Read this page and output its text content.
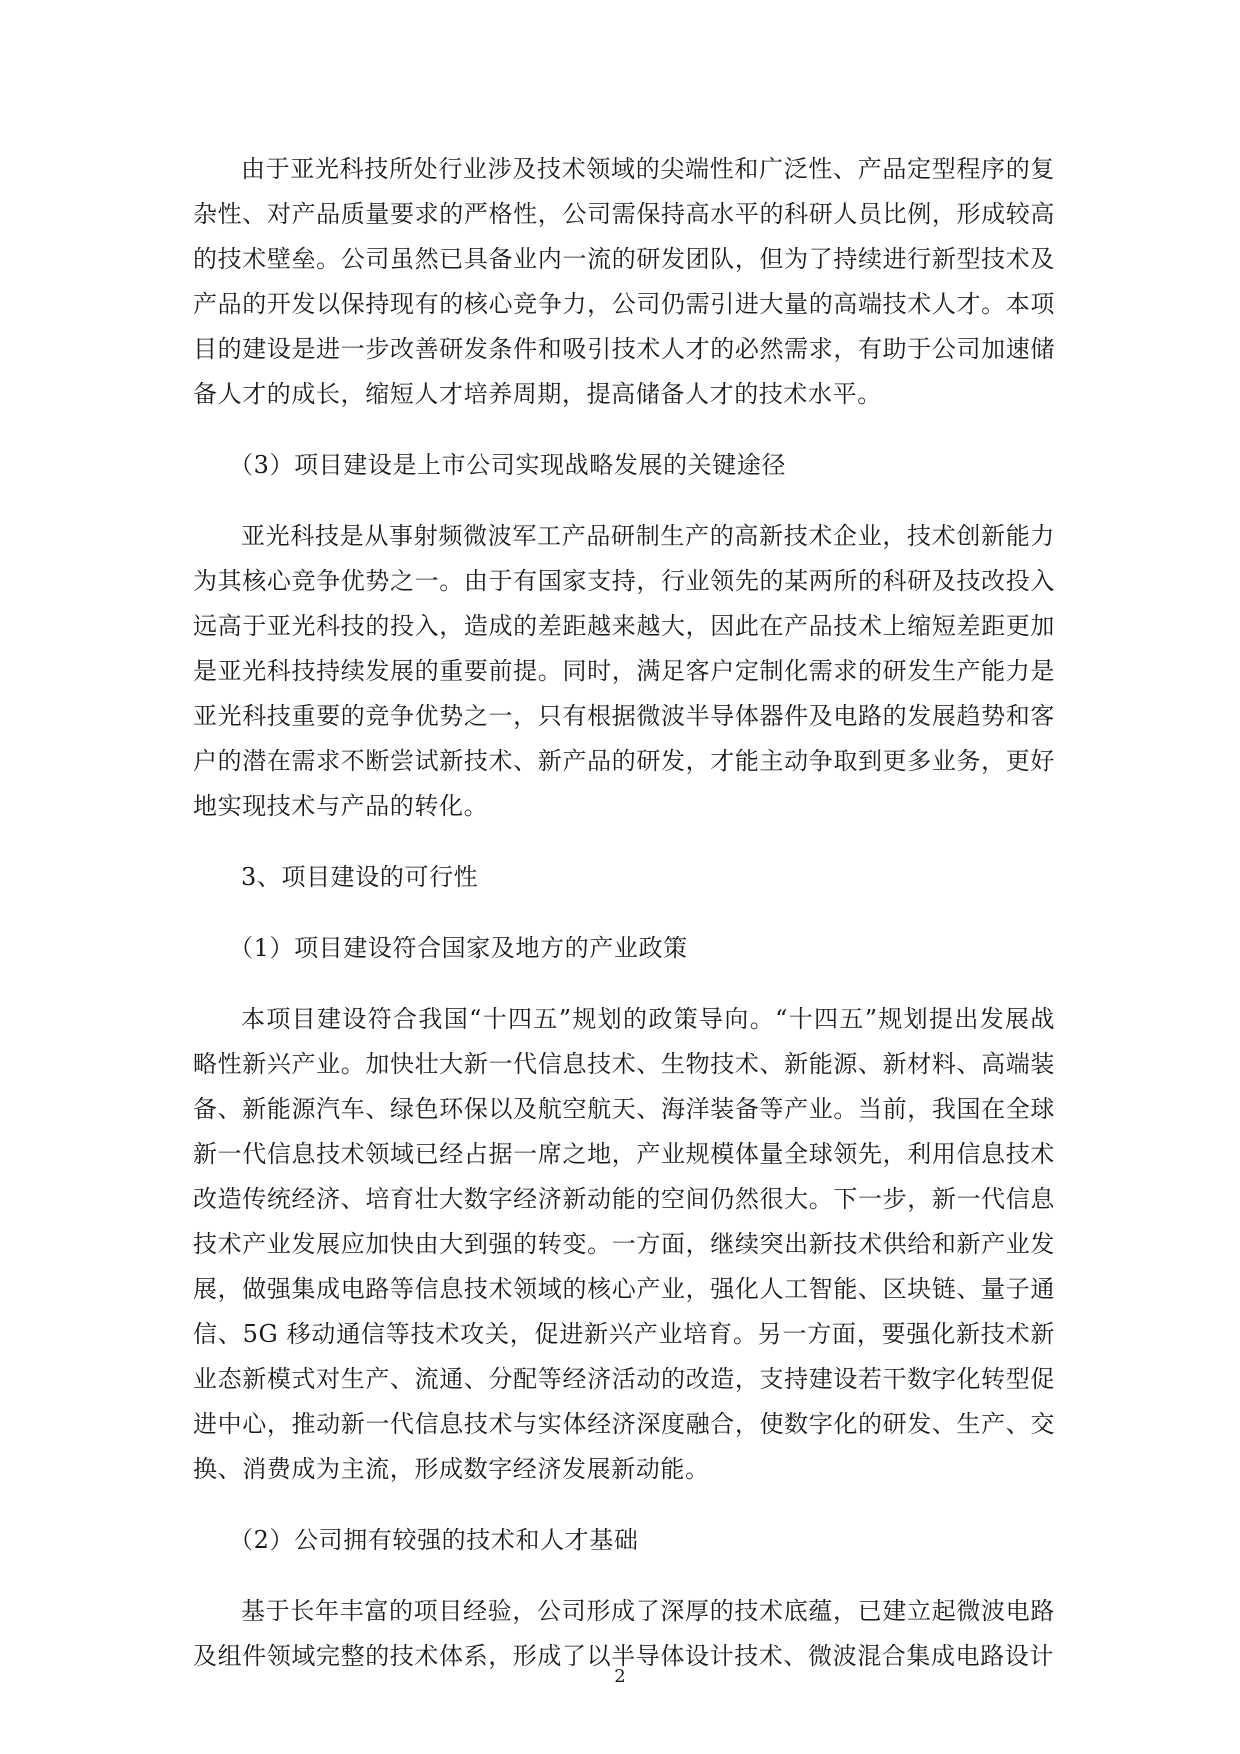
由于亚光科技所处行业涉及技术领域的尖端性和广泛性、产品定型程序的复杂性、对产品质量要求的严格性，公司需保持高水平的科研人员比例，形成较高的技术壁垒。公司虽然已具备业内一流的研发团队，但为了持续进行新型技术及产品的开发以保持现有的核心竞争力，公司仍需引进大量的高端技术人才。本项目的建设是进一步改善研发条件和吸引技术人才的必然需求，有助于公司加速储备人才的成长，缩短人才培养周期，提高储备人才的技术水平。

（3）项目建设是上市公司实现战略发展的关键途径

亚光科技是从事射频微波军工产品研制生产的高新技术企业，技术创新能力为其核心竞争优势之一。由于有国家支持，行业领先的某两所的科研及技改投入远高于亚光科技的投入，造成的差距越来越大，因此在产品技术上缩短差距更加是亚光科技持续发展的重要前提。同时，满足客户定制化需求的研发生产能力是亚光科技重要的竞争优势之一，只有根据微波半导体器件及电路的发展趋势和客户的潜在需求不断尝试新技术、新产品的研发，才能主动争取到更多业务，更好地实现技术与产品的转化。

3、项目建设的可行性

（1）项目建设符合国家及地方的产业政策

本项目建设符合我国“十四五”规划的政策导向。“十四五”规划提出发展战略性新兴产业。加快壮大新一代信息技术、生物技术、新能源、新材料、高端装备、新能源汽车、绿色环保以及航空航天、海洋装备等产业。当前，我国在全球新一代信息技术领域已经占据一席之地，产业规模体量全球领先，利用信息技术改造传统经济、培育壮大数字经济新动能的空间仍然很大。下一步，新一代信息技术产业发展应加快由大到强的转变。一方面，继续突出新技术供给和新产业发展，做强集成电路等信息技术领域的核心产业，强化人工智能、区块链、量子通信、5G 移动通信等技术攻关，促进新兴产业培育。另一方面，要强化新技术新业态新模式对生产、流通、分配等经济活动的改造，支持建设若干数字化转型促进中心，推动新一代信息技术与实体经济深度融合，使数字化的研发、生产、交换、消费成为主流，形成数字经济发展新动能。

（2）公司拥有较强的技术和人才基础

基于长年丰富的项目经验，公司形成了深厚的技术底蕴，已建立起微波电路及组件领域完整的技术体系，形成了以半导体设计技术、微波混合集成电路设计

2
